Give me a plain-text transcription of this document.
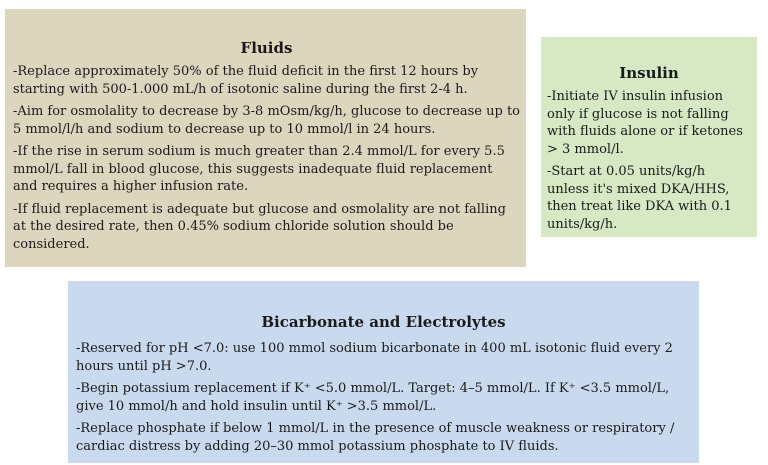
Fluids

-Replace approximately 50% of the fluid deficit in the first 12 hours by starting with 500-1.000 mL/h of isotonic saline during the first 2-4 h.

-Aim for osmolality to decrease by 3-8 mOsm/kg/h, glucose to decrease up to 5 mmol/l/h and sodium to decrease up to 10 mmol/l in 24 hours.

-If the rise in serum sodium is much greater than 2.4 mmol/L for every 5.5 mmol/L fall in blood glucose, this suggests inadequate fluid replacement and requires a higher infusion rate.

-If fluid replacement is adequate but glucose and osmolality are not falling at the desired rate, then 0.45% sodium chloride solution should be considered.

Insulin

-Initiate IV insulin infusion only if glucose is not falling with fluids alone or if ketones > 3 mmol/l.

-Start at 0.05 units/kg/h unless it's mixed DKA/HHS, then treat like DKA with 0.1 units/kg/h.

Bicarbonate and Electrolytes

-Reserved for pH <7.0: use 100 mmol sodium bicarbonate in 400 mL isotonic fluid every 2 hours until pH >7.0.

-Begin potassium replacement if K⁺ <5.0 mmol/L. Target: 4–5 mmol/L. If K⁺ <3.5 mmol/L, give 10 mmol/h and hold insulin until K⁺ >3.5 mmol/L.

-Replace phosphate if below 1 mmol/L in the presence of muscle weakness or respiratory / cardiac distress by adding 20–30 mmol potassium phosphate to IV fluids.
